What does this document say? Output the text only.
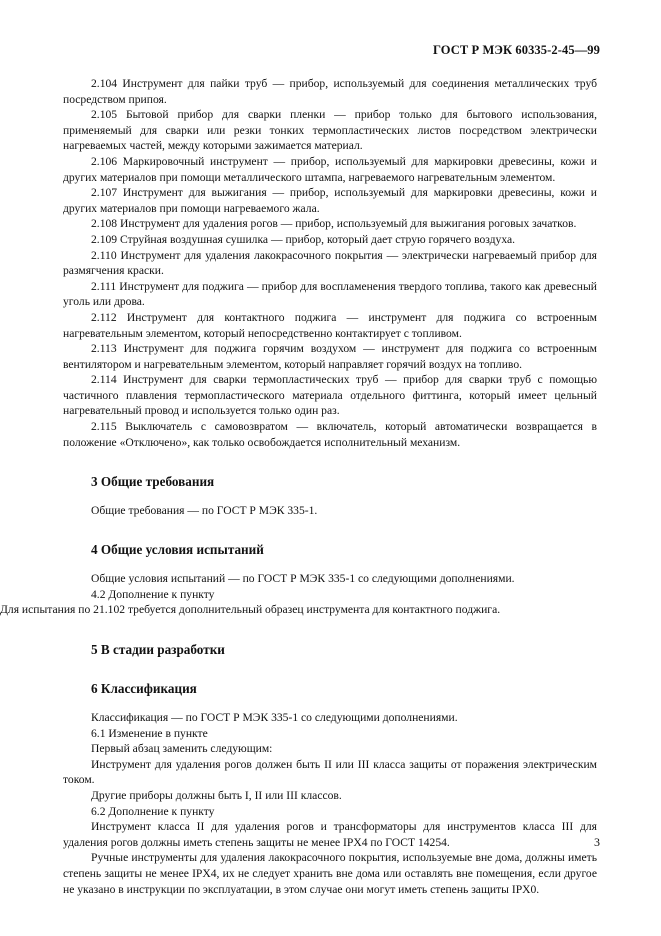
ГОСТ Р МЭК 60335-2-45—99

2.104 Инструмент для пайки труб — прибор, используемый для соединения металлических труб посредством припоя.

2.105 Бытовой прибор для сварки пленки — прибор только для бытового использования, применяемый для сварки или резки тонких термопластических листов посредством электрически нагреваемых частей, между которыми зажимается материал.

2.106 Маркировочный инструмент — прибор, используемый для маркировки древесины, кожи и других материалов при помощи металлического штампа, нагреваемого нагревательным элементом.

2.107 Инструмент для выжигания — прибор, используемый для маркировки древесины, кожи и других материалов при помощи нагреваемого жала.

2.108 Инструмент для удаления рогов — прибор, используемый для выжигания роговых зачатков.

2.109 Струйная воздушная сушилка — прибор, который дает струю горячего воздуха.

2.110 Инструмент для удаления лакокрасочного покрытия — электрически нагреваемый прибор для размягчения краски.

2.111 Инструмент для поджига — прибор для воспламенения твердого топлива, такого как древесный уголь или дрова.

2.112 Инструмент для контактного поджига — инструмент для поджига со встроенным нагревательным элементом, который непосредственно контактирует с топливом.

2.113 Инструмент для поджига горячим воздухом — инструмент для поджига со встроенным вентилятором и нагревательным элементом, который направляет горячий воздух на топливо.

2.114 Инструмент для сварки термопластических труб — прибор для сварки труб с помощью частичного плавления термопластического материала отдельного фиттинга, который имеет цельный нагревательный провод и используется только один раз.

2.115 Выключатель с самовозвратом — включатель, который автоматически возвращается в положение «Отключено», как только освобождается исполнительный механизм.

3 Общие требования

Общие требования — по ГОСТ Р МЭК 335-1.

4 Общие условия испытаний

Общие условия испытаний — по ГОСТ Р МЭК 335-1 со следующими дополнениями.

4.2 Дополнение к пункту

Для испытания по 21.102 требуется дополнительный образец инструмента для контактного поджига.

5 В стадии разработки

6 Классификация

Классификация — по ГОСТ Р МЭК 335-1 со следующими дополнениями.

6.1 Изменение в пункте

Первый абзац заменить следующим:

Инструмент для удаления рогов должен быть II или III класса защиты от поражения электрическим током.

Другие приборы должны быть I, II или III классов.

6.2 Дополнение к пункту

Инструмент класса II для удаления рогов и трансформаторы для инструментов класса III для удаления рогов должны иметь степень защиты не менее IPX4 по ГОСТ 14254.

Ручные инструменты для удаления лакокрасочного покрытия, используемые вне дома, должны иметь степень защиты не менее IPX4, их не следует хранить вне дома или оставлять вне помещения, если другое не указано в инструкции по эксплуатации, в этом случае они могут иметь степень защиты IPX0.

3
